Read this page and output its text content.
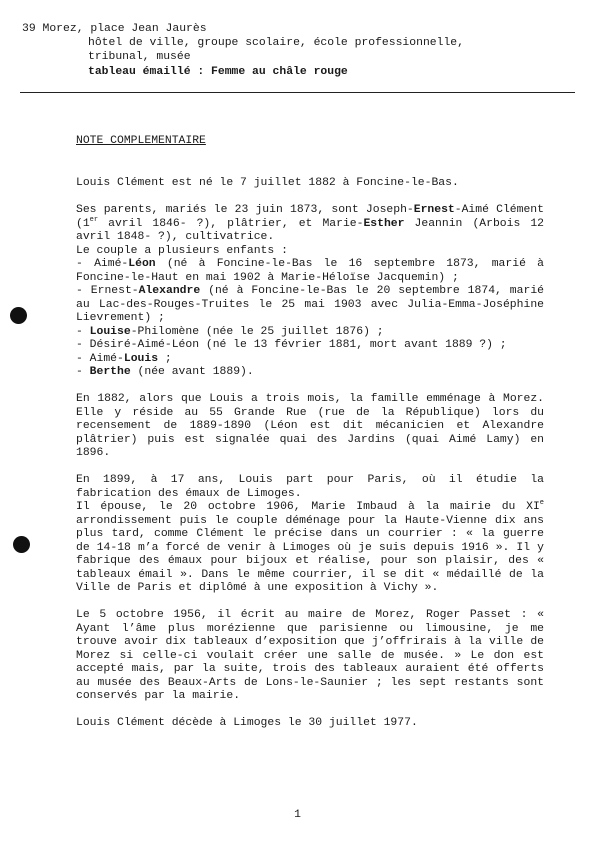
39 Morez, place Jean Jaurès
hôtel de ville, groupe scolaire, école professionnelle,
tribunal, musée
tableau émaillé : Femme au châle rouge
NOTE COMPLEMENTAIRE

Louis Clément est né le 7 juillet 1882 à Foncine-le-Bas.

Ses parents, mariés le 23 juin 1873, sont Joseph-Ernest-Aimé Clément (1er avril 1846- ?), plâtrier, et Marie-Esther Jeannin (Arbois 12 avril 1848- ?), cultivatrice.

Le couple a plusieurs enfants :
- Aimé-Léon (né à Foncine-le-Bas le 16 septembre 1873, marié à Foncine-le-Haut en mai 1902 à Marie-Héloïse Jacquemin) ;
- Ernest-Alexandre (né à Foncine-le-Bas le 20 septembre 1874, marié au Lac-des-Rouges-Truites le 25 mai 1903 avec Julia-Emma-Joséphine Lievrement) ;
- Louise-Philomène (née le 25 juillet 1876) ;
- Désiré-Aimé-Léon (né le 13 février 1881, mort avant 1889 ?) ;
- Aimé-Louis ;
- Berthe (née avant 1889).

En 1882, alors que Louis a trois mois, la famille emménage à Morez. Elle y réside au 55 Grande Rue (rue de la République) lors du recensement de 1889-1890 (Léon est dit mécanicien et Alexandre plâtrier) puis est signalée quai des Jardins (quai Aimé Lamy) en 1896.

En 1899, à 17 ans, Louis part pour Paris, où il étudie la fabrication des émaux de Limoges.
Il épouse, le 20 octobre 1906, Marie Imbaud à la mairie du XIe arrondissement puis le couple déménage pour la Haute-Vienne dix ans plus tard, comme Clément le précise dans un courrier : « la guerre de 14-18 m’a forcé de venir à Limoges où je suis depuis 1916 ». Il y fabrique des émaux pour bijoux et réalise, pour son plaisir, des « tableaux émail ». Dans le même courrier, il se dit « médaillé de la Ville de Paris et diplômé à une exposition à Vichy ».

Le 5 octobre 1956, il écrit au maire de Morez, Roger Passet : « Ayant l’âme plus morézienne que parisienne ou limousine, je me trouve avoir dix tableaux d’exposition que j’offrirais à la ville de Morez si celle-ci voulait créer une salle de musée. » Le don est accepté mais, par la suite, trois des tableaux auraient été offerts au musée des Beaux-Arts de Lons-le-Saunier ; les sept restants sont conservés par la mairie.

Louis Clément décède à Limoges le 30 juillet 1977.

1
